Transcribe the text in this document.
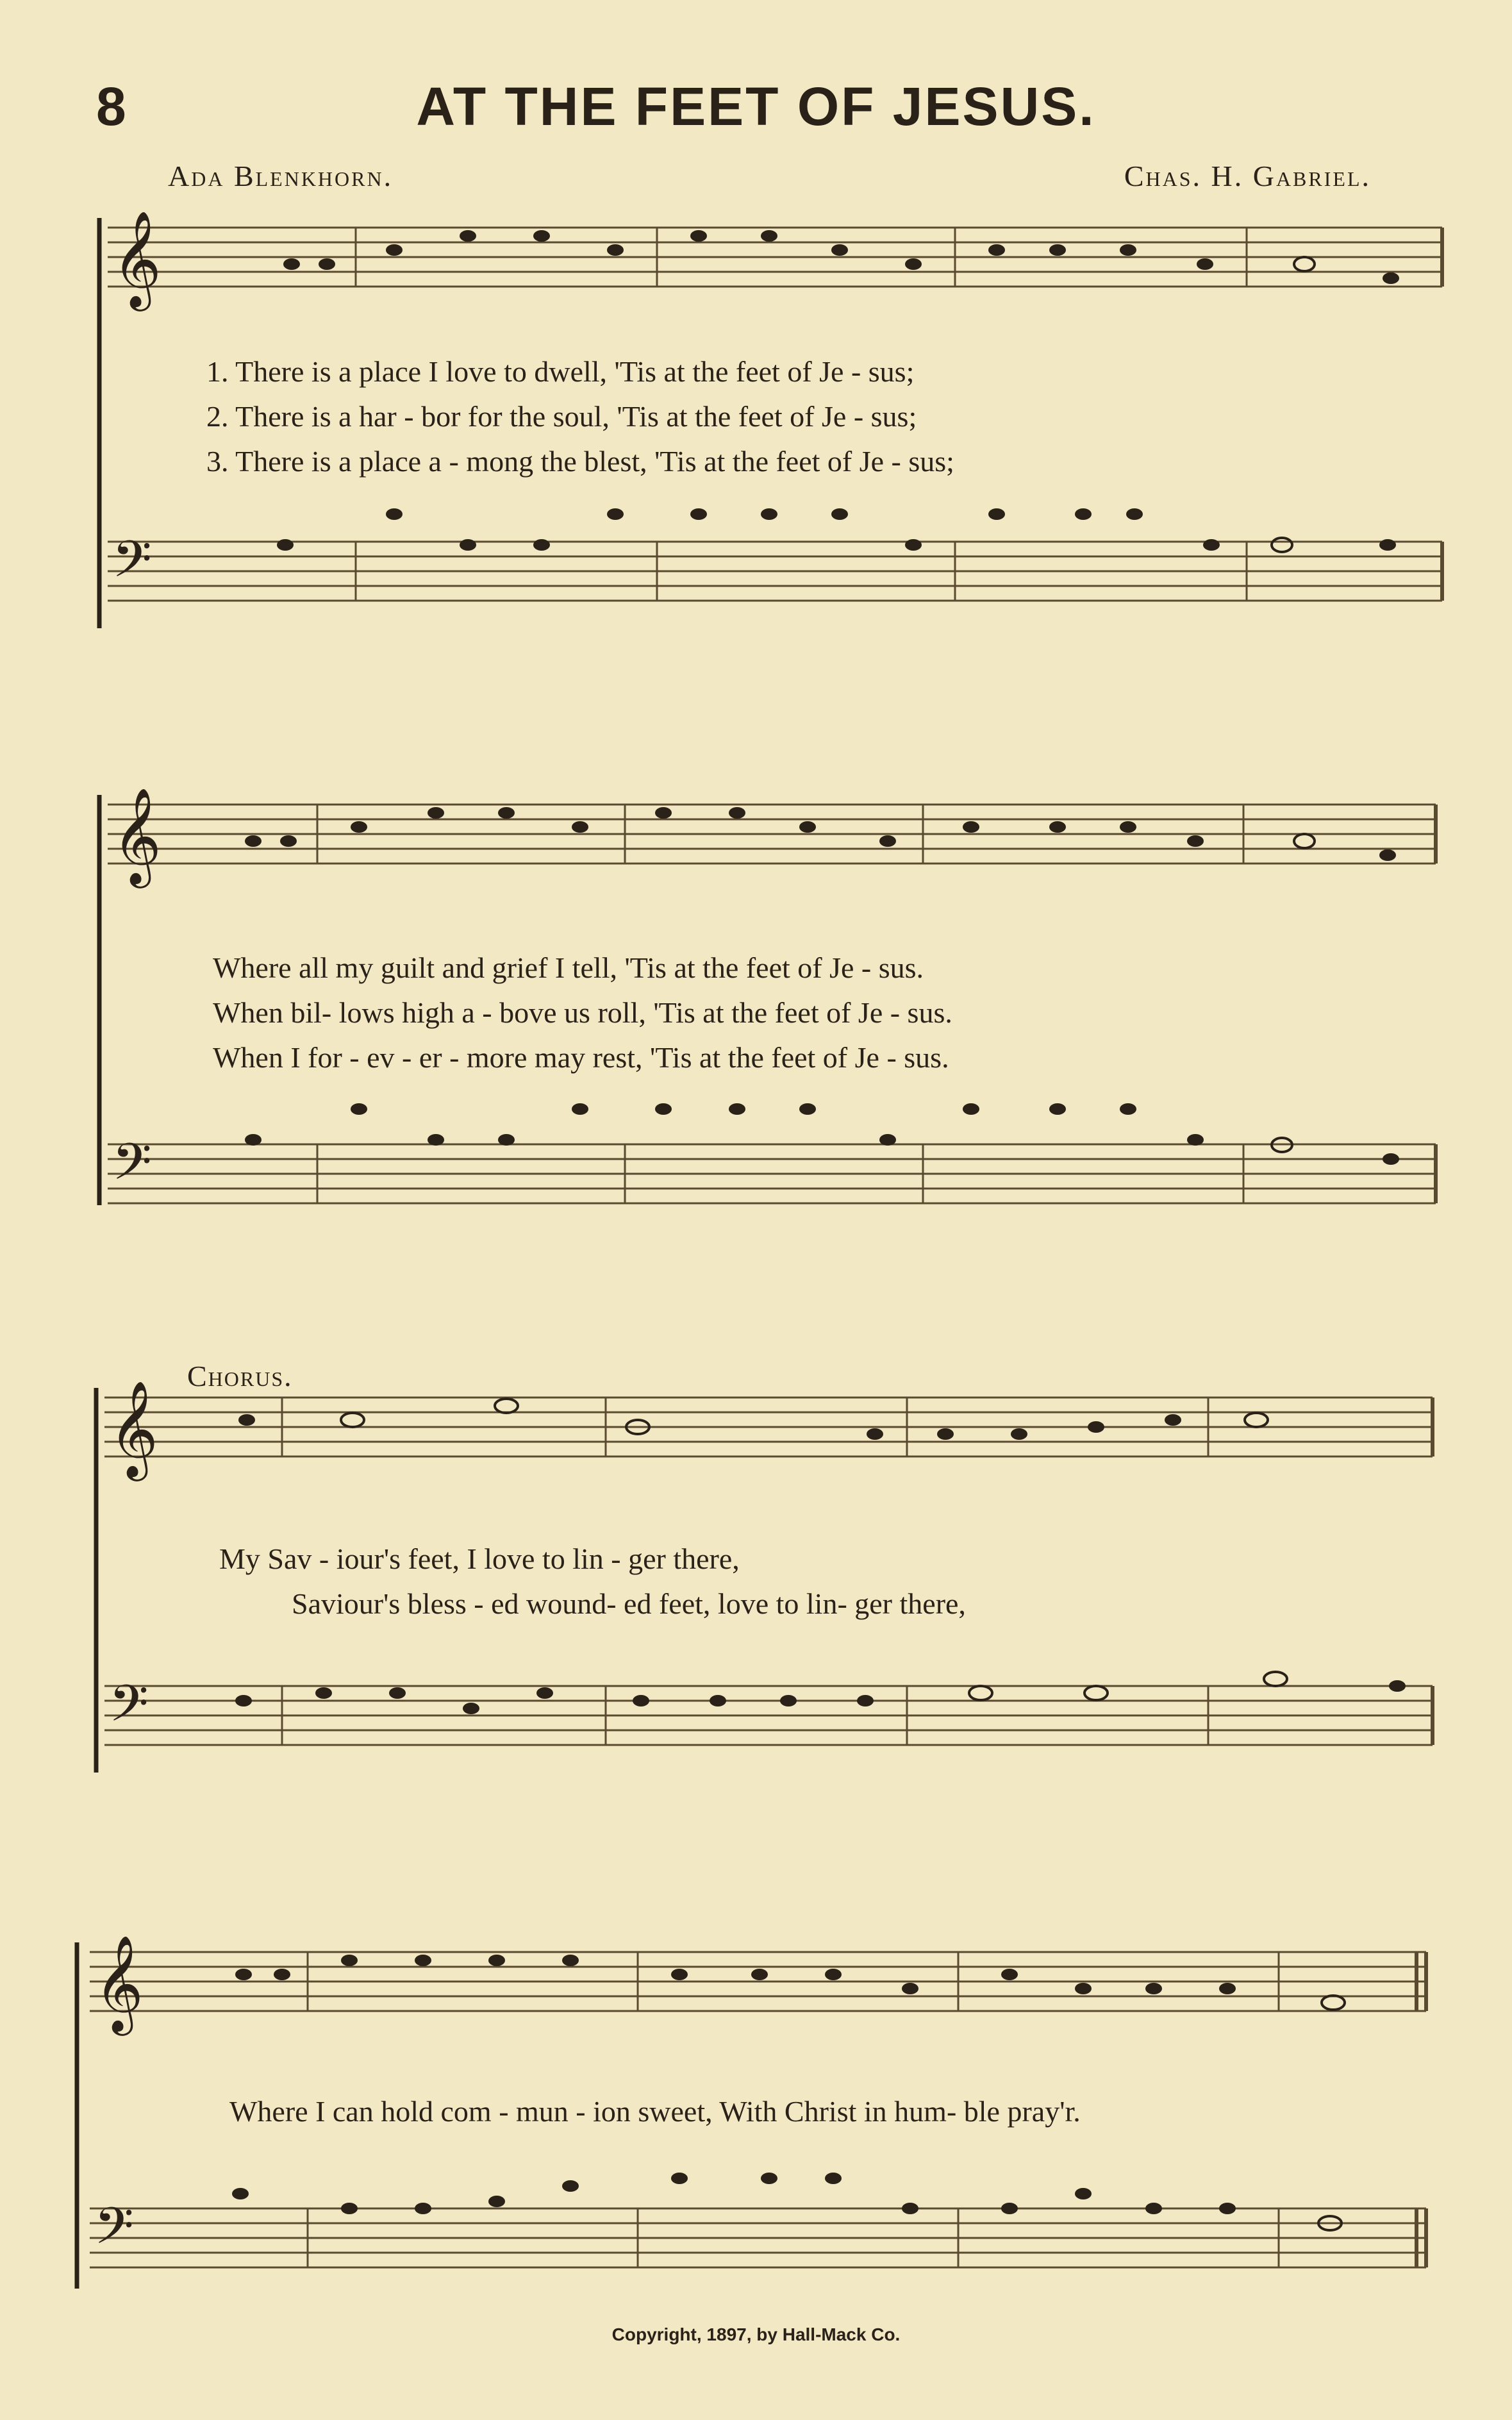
8	AT THE FEET OF JESUS.
Ada Blenkhorn.	Chas. H. Gabriel.
𝄞
𝄢
1. There is a place I love to dwell, 'Tis at the feet of Je - sus;
2. There is a har - bor for the soul, 'Tis at the feet of Je - sus;
3. There is a place a - mong the blest, 'Tis at the feet of Je - sus;
𝄞
𝄢
Where all my guilt and grief I tell, 'Tis at the feet of Je - sus.
When bil- lows high a - bove us roll, 'Tis at the feet of Je - sus.
When I for - ev - er - more may rest, 'Tis at the feet of Je - sus.
Chorus.
𝄞
𝄢
My Sav - iour's feet, I love to lin - ger there,
Saviour's bless - ed wound- ed feet, love to lin- ger there,
𝄞
𝄢
Where I can hold com - mun - ion sweet, With Christ in hum- ble pray'r.
Copyright, 1897, by Hall-Mack Co.
